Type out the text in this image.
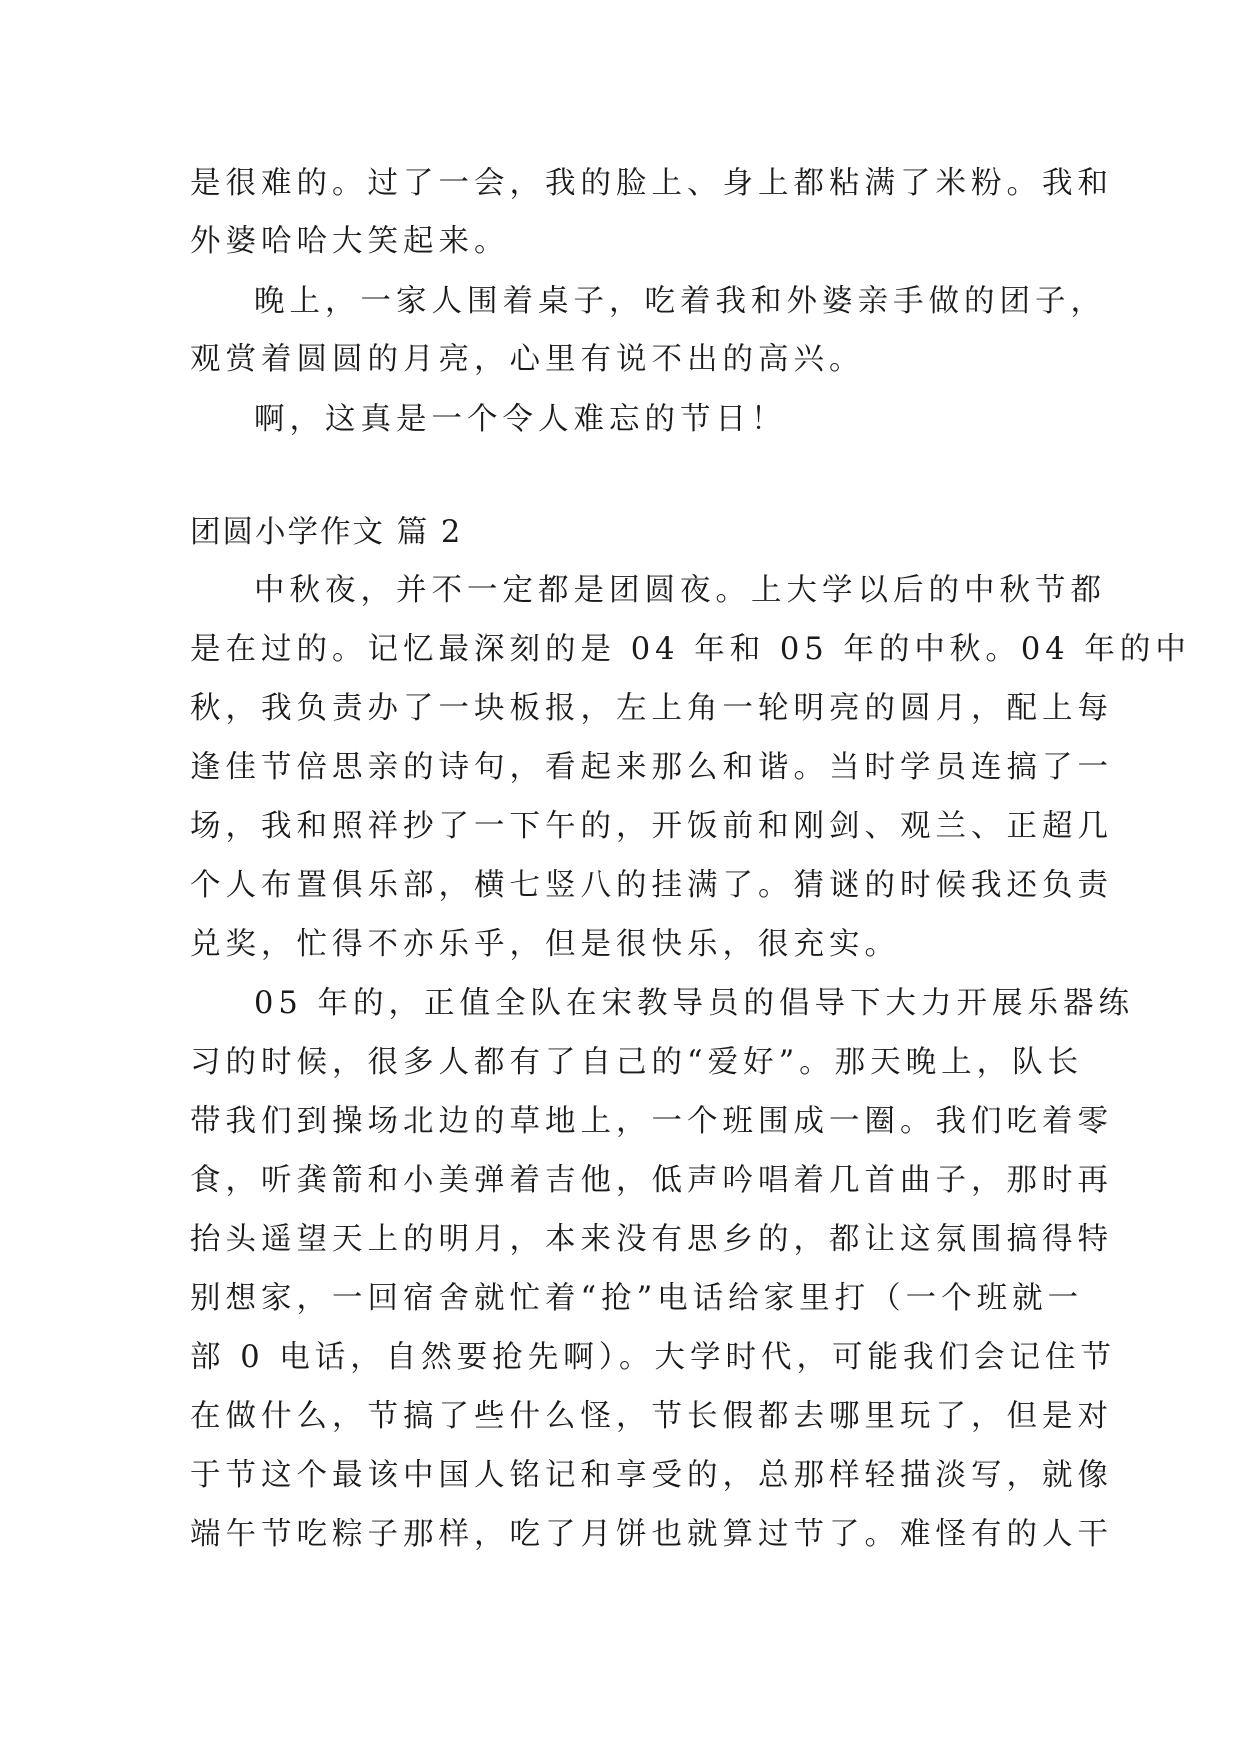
是很难的。过了一会，我的脸上、身上都粘满了米粉。我和
外婆哈哈大笑起来。
晚上，一家人围着桌子，吃着我和外婆亲手做的团子，
观赏着圆圆的月亮，心里有说不出的高兴。
啊，这真是一个令人难忘的节日！
团圆小学作文 篇 2
中秋夜，并不一定都是团圆夜。上大学以后的中秋节都
是在过的。记忆最深刻的是 04 年和 05 年的中秋。04 年的中
秋，我负责办了一块板报，左上角一轮明亮的圆月，配上每
逢佳节倍思亲的诗句，看起来那么和谐。当时学员连搞了一
场，我和照祥抄了一下午的，开饭前和刚剑、观兰、正超几
个人布置俱乐部，横七竖八的挂满了。猜谜的时候我还负责
兑奖，忙得不亦乐乎，但是很快乐，很充实。
05 年的，正值全队在宋教导员的倡导下大力开展乐器练
习的时候，很多人都有了自己的“爱好”。那天晚上，队长
带我们到操场北边的草地上，一个班围成一圈。我们吃着零
食，听龚箭和小美弹着吉他，低声吟唱着几首曲子，那时再
抬头遥望天上的明月，本来没有思乡的，都让这氛围搞得特
别想家，一回宿舍就忙着“抢”电话给家里打（一个班就一
部 0 电话，自然要抢先啊）。大学时代，可能我们会记住节
在做什么，节搞了些什么怪，节长假都去哪里玩了，但是对
于节这个最该中国人铭记和享受的，总那样轻描淡写，就像
端午节吃粽子那样，吃了月饼也就算过节了。难怪有的人干
